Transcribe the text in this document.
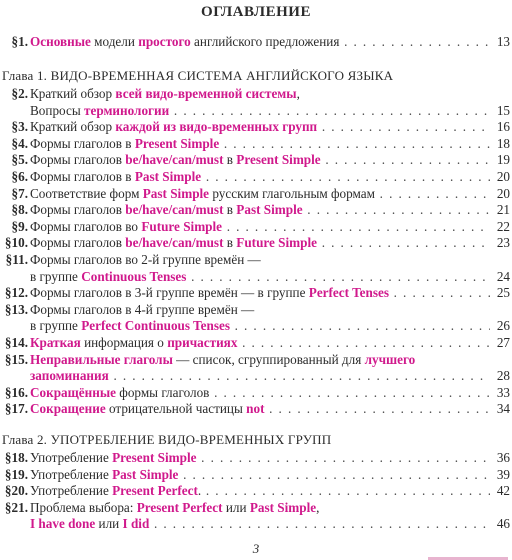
ОГЛАВЛЕНИЕ
§1. Основные модели простого английского предложения . . .	13
Глава 1. ВИДО-ВРЕМЕННАЯ СИСТЕМА АНГЛИЙСКОГО ЯЗЫКА
§2. Краткий обзор всей видо-временной системы,
Вопросы терминологии . . .	15
§3. Краткий обзор каждой из видо-временных групп . . .	16
§4. Формы глаголов в Present Simple . . .	18
§5. Формы глаголов be/have/can/must в Present Simple . . .	19
§6. Формы глаголов в Past Simple . . .	20
§7. Соответствие форм Past Simple русским глагольным формам . . .	20
§8. Формы глаголов be/have/can/must в Past Simple . . .	21
§9. Формы глаголов во Future Simple . . .	22
§10. Формы глаголов be/have/can/must в Future Simple . . .	23
§11. Формы глаголов во 2-й группе времён —
в группе Continuous Tenses . . .	24
§12. Формы глаголов в 3-й группе времён — в группе Perfect Tenses . . .	25
§13. Формы глаголов в 4-й группе времён —
в группе Perfect Continuous Tenses . . .	26
§14. Краткая информация о причастиях . . .	27
§15. Неправильные глаголы — список, сгруппированный для лучшего
запоминания . . .	28
§16. Сокращённые формы глаголов . . .	33
§17. Сокращение отрицательной частицы not . . .	34
Глава 2. УПОТРЕБЛЕНИЕ ВИДО-ВРЕМЕННЫХ ГРУПП
§18. Употребление Present Simple . . .	36
§19. Употребление Past Simple . . .	39
§20. Употребление Present Perfect. . . .	42
§21. Проблема выбора: Present Perfect или Past Simple,
I have done или I did . . .	46
3
